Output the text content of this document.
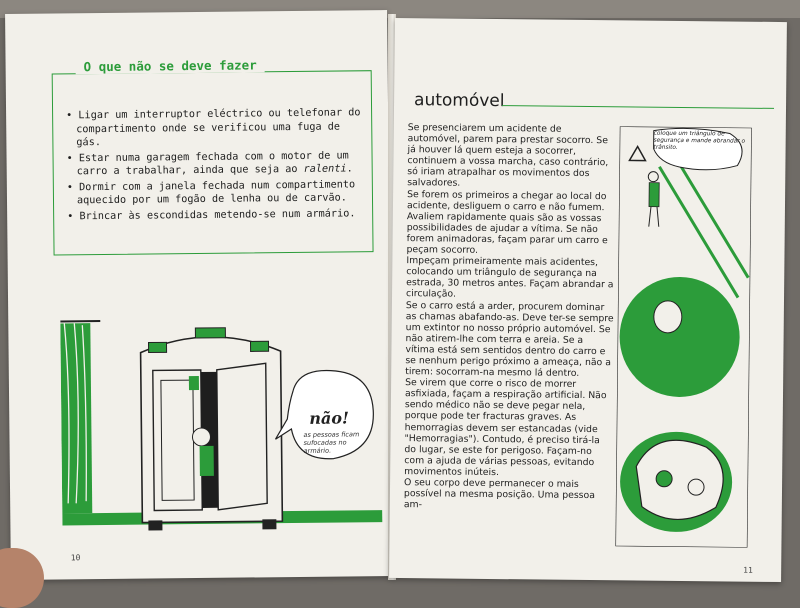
O que não se deve fazer
• Ligar um interruptor eléctrico ou telefonar do compartimento onde se verificou uma fuga de gás.
• Estar numa garagem fechada com o motor de um carro a trabalhar, ainda que seja ao ralenti.
• Dormir com a janela fechada num compartimento aquecido por um fogão de lenha ou de carvão.
• Brincar às escondidas metendo-se num armário.
não!
as pessoas ficam sufocadas no armário.
10
automóvel

Se presenciarem um acidente de automóvel, parem para prestar socorro. Se já houver lá quem esteja a socorrer, continuem a vossa marcha, caso contrário, só iriam atrapalhar os movimentos dos salvadores.

Se forem os primeiros a chegar ao local do acidente, desliguem o carro e não fumem.

Avaliem rapidamente quais são as vossas possibilidades de ajudar a vítima. Se não forem animadoras, façam parar um carro e peçam socorro.

Impeçam primeiramente mais acidentes, colocando um triângulo de segurança na estrada, 30 metros antes. Façam abrandar a circulação.

Se o carro está a arder, procurem dominar as chamas abafando-as. Deve ter-se sempre um extintor no nosso próprio automóvel. Se não atirem-lhe com terra e areia. Se a vítima está sem sentidos dentro do carro e se nenhum perigo próximo a ameaça, não a tirem: socorram-na mesmo lá dentro.

Se virem que corre o risco de morrer asfixiada, façam a respiração artificial. Não sendo médico não se deve pegar nela, porque pode ter fracturas graves. As hemorragias devem ser estancadas (vide "Hemorragias"). Contudo, é preciso tirá-la do lugar, se este for perigoso. Façam-no com a ajuda de várias pessoas, evitando movimentos inúteis.

O seu corpo deve permanecer o mais possível na mesma posição. Uma pessoa am-

coloque um triângulo de segurança e mande abrandar o trânsito.
11
